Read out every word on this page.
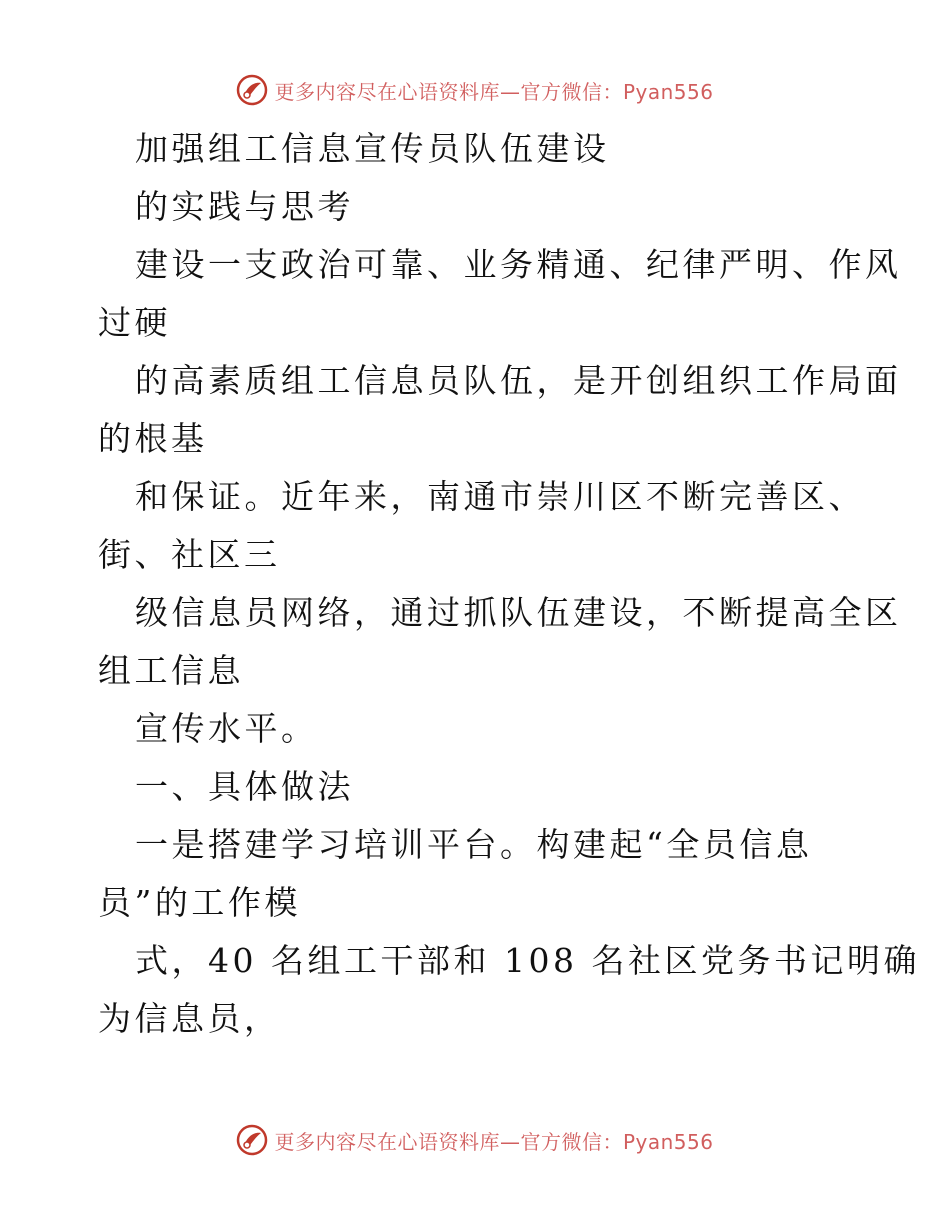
更多内容尽在心语资料库—官方微信：Pyan556
加强组工信息宣传员队伍建设
的实践与思考
建设一支政治可靠、业务精通、纪律严明、作风
过硬
的高素质组工信息员队伍，是开创组织工作局面
的根基
和保证。近年来，南通市崇川区不断完善区、
街、社区三
级信息员网络，通过抓队伍建设，不断提高全区
组工信息
宣传水平。
一、具体做法
一是搭建学习培训平台。构建起“全员信息
员”的工作模
式，40 名组工干部和 108 名社区党务书记明确
为信息员，
更多内容尽在心语资料库—官方微信：Pyan556
